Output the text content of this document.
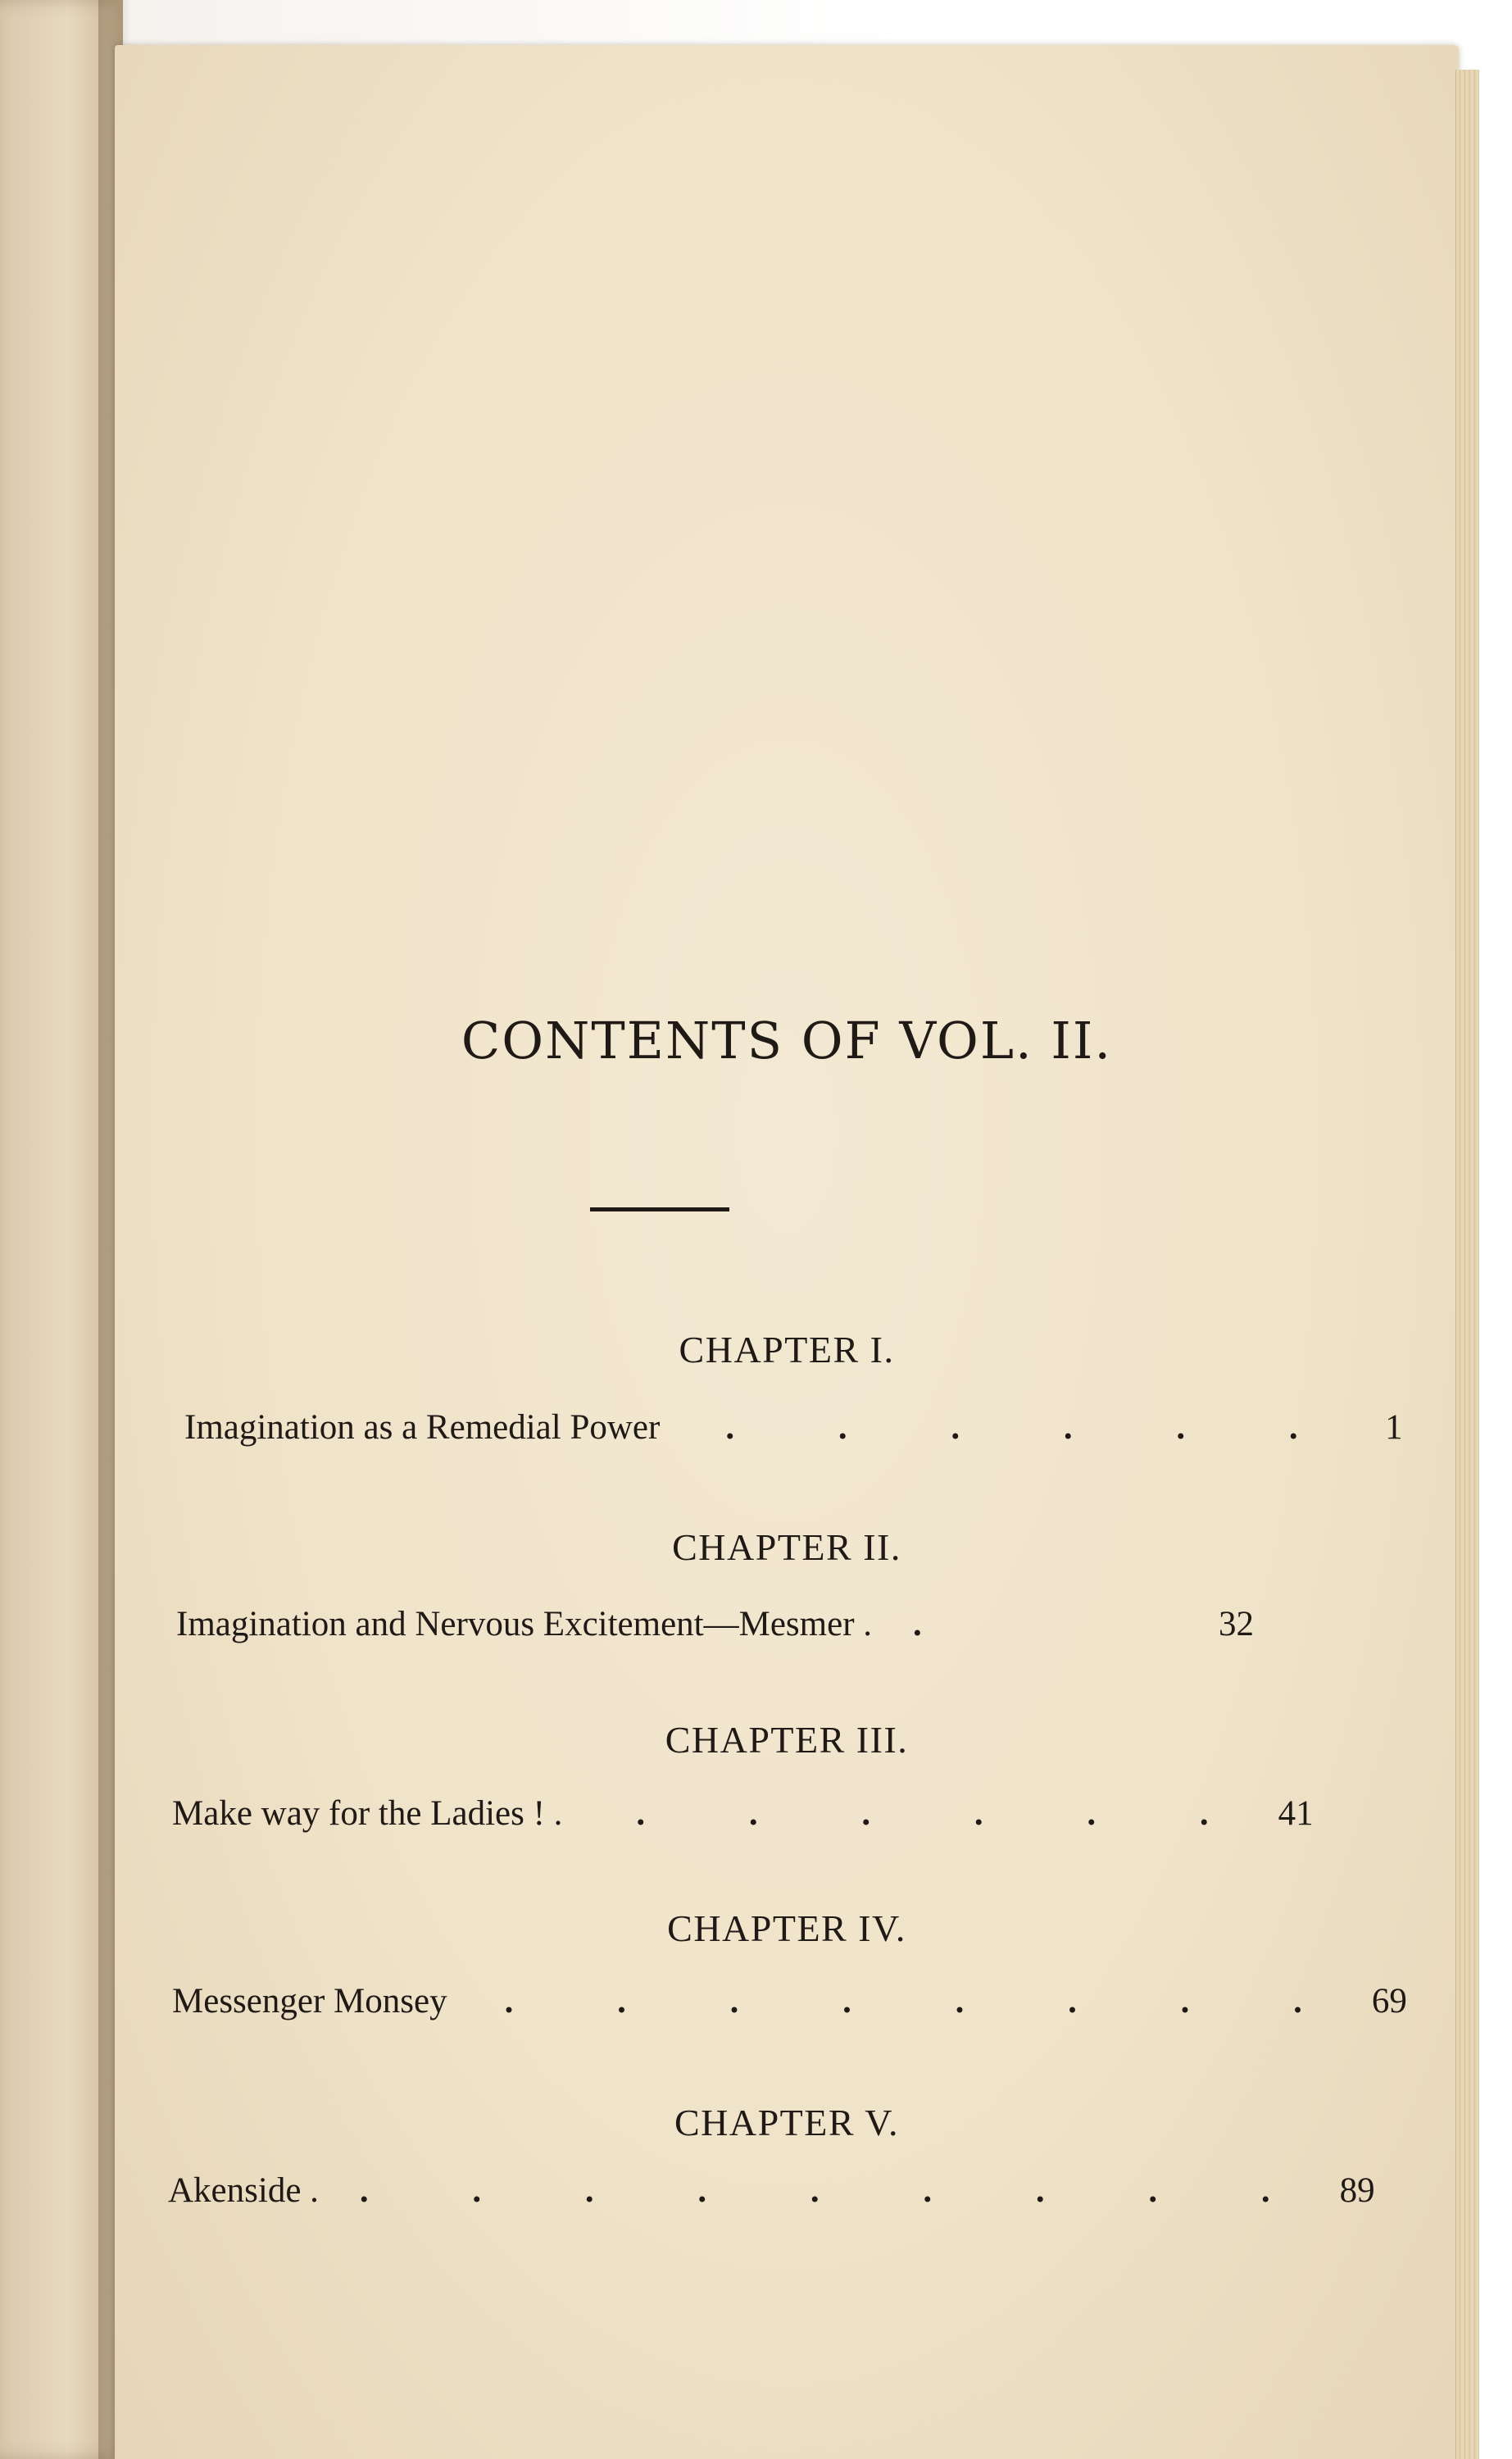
CONTENTS OF VOL. II.
CHAPTER I.
Imagination as a Remedial Power	. . . . . .	1
CHAPTER II.
Imagination and Nervous Excitement—Mesmer .	.	32
CHAPTER III.
Make way for the Ladies ! .	. . . . . . 41
CHAPTER IV.
Messenger Monsey	. . . . . . . . 69
CHAPTER V.
Akenside .	. . . . . . . . . 89
